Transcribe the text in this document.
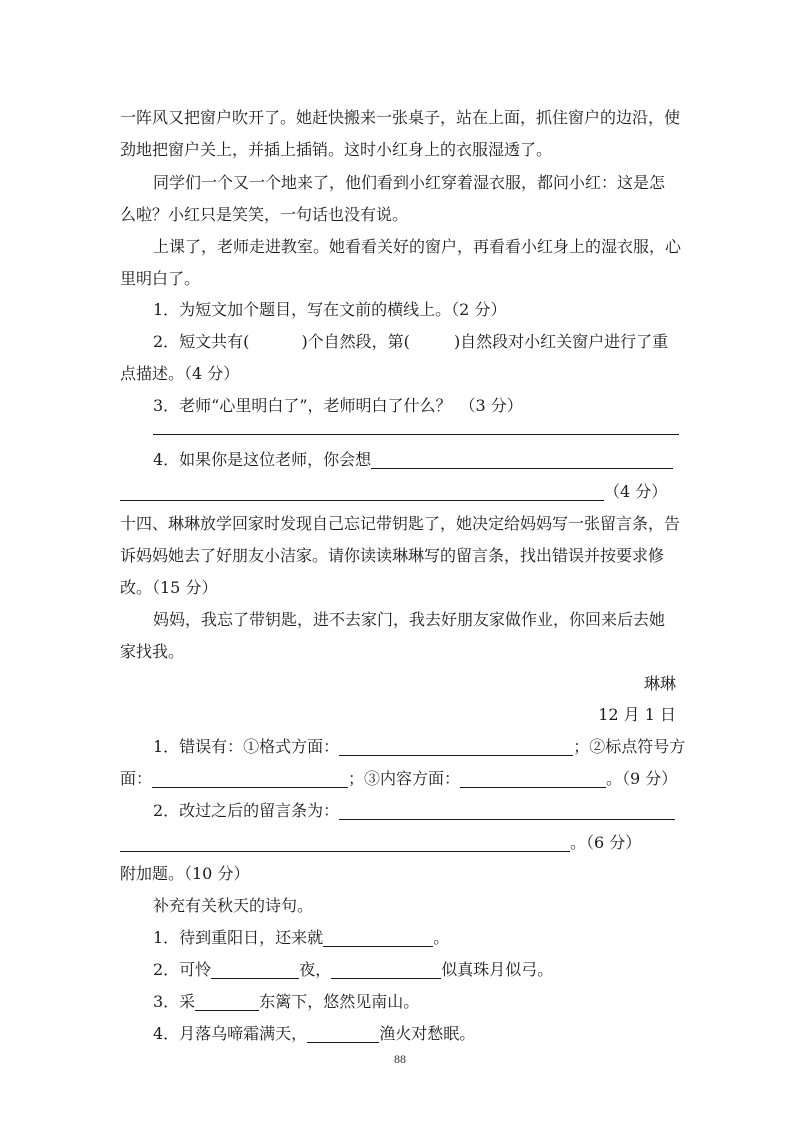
一阵风又把窗户吹开了。她赶快搬来一张桌子，站在上面，抓住窗户的边沿，使
劲地把窗户关上，并插上插销。这时小红身上的衣服湿透了。
同学们一个又一个地来了，他们看到小红穿着湿衣服，都问小红：这是怎
么啦？小红只是笑笑，一句话也没有说。
上课了，老师走进教室。她看看关好的窗户，再看看小红身上的湿衣服，心
里明白了。
1．为短文加个题目，写在文前的横线上。（2 分）
2．短文共有(	)个自然段，第(	)自然段对小红关窗户进行了重
点描述。（4 分）
3．老师“心里明白了”，老师明白了什么？　（3 分）
4．如果你是这位老师，你会想
（4 分）
十四、琳琳放学回家时发现自己忘记带钥匙了，她决定给妈妈写一张留言条，告
诉妈妈她去了好朋友小洁家。请你读读琳琳写的留言条，找出错误并按要求修
改。（15 分）
妈妈，我忘了带钥匙，进不去家门，我去好朋友家做作业，你回来后去她
家找我。
琳琳
12 月 1 日
1．错误有：①格式方面：	；②标点符号方
面：	；③内容方面：	。（9 分）
2．改过之后的留言条为：
。（6 分）
附加题。（10 分）
补充有关秋天的诗句。
1．待到重阳日，还来就	。
2．可怜	夜，	似真珠月似弓。
3．采	东篱下，悠然见南山。
4．月落乌啼霜满天，	渔火对愁眠。
88
